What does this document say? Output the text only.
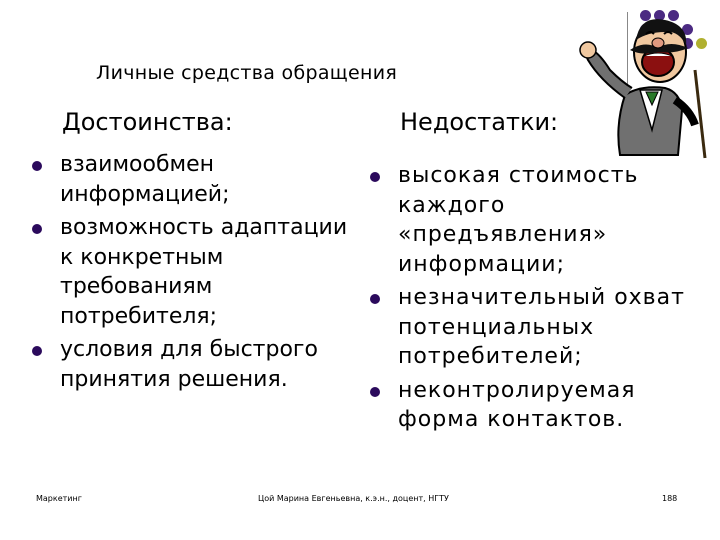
Личные средства обращения
Достоинства:	Недостатки:
взаимообмен информацией;
возможность адаптации к конкретным требованиям потребителя;
условия для быстрого принятия решения.
высокая стоимость каждого «предъявления» информации;
незначительный охват потенциальных потребителей;
неконтролируемая форма контактов.
Маркетинг	Цой Марина Евгеньевна, к.э.н., доцент, НГТУ	188
